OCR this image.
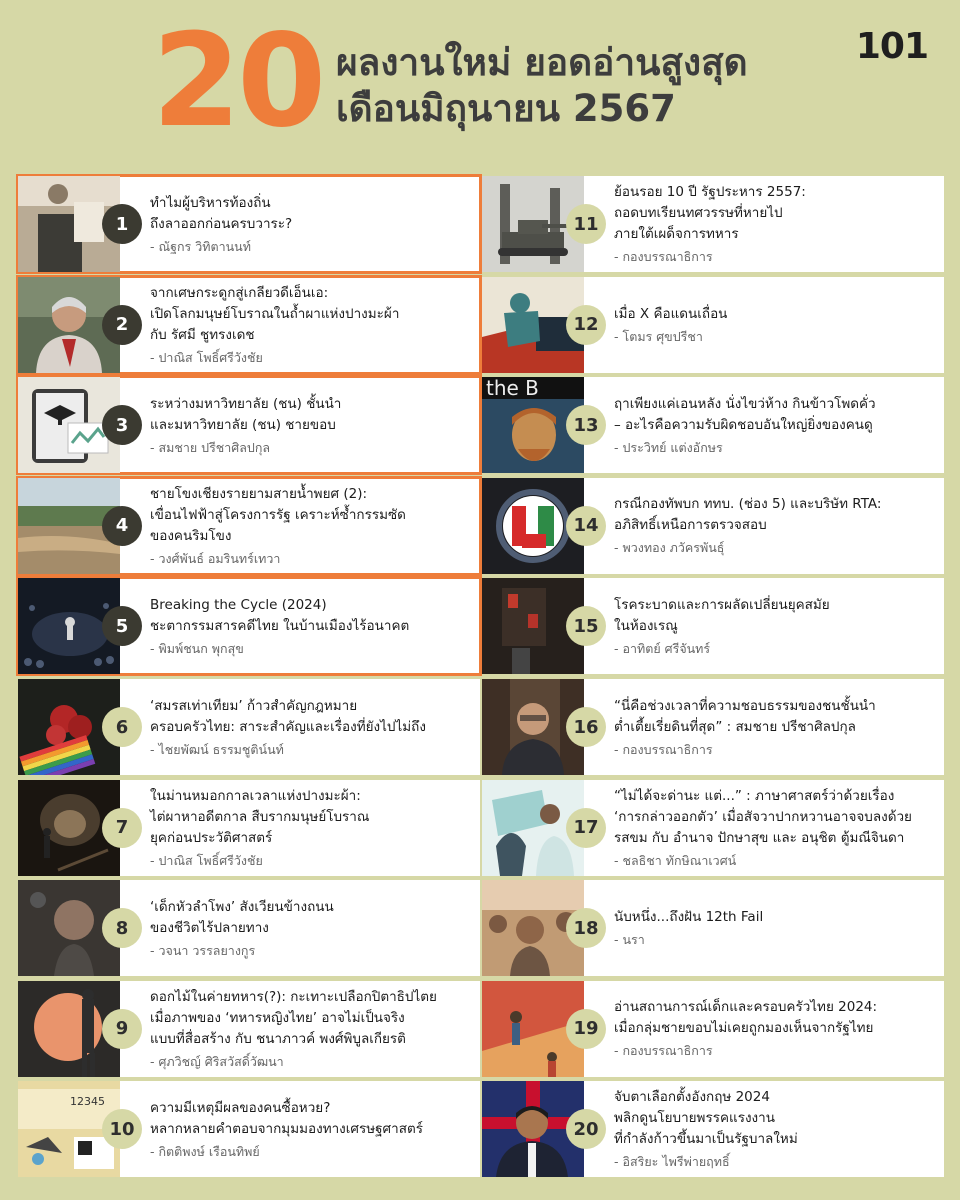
20 ผลงานใหม่ ยอดอ่านสูงสุด
เดือนมิถุนายน 2567
101
1
ทำไมผู้บริหารท้องถิ่น
ถึงลาออกก่อนครบวาระ?
- ณัฐกร วิทิตานนท์
2
จากเศษกระดูกสู่เกลียวดีเอ็นเอ:
เปิดโลกมนุษย์โบราณในถ้ำผาแห่งปางมะผ้า
กับ รัศมี ชูทรงเดช
- ปาณิส โพธิ์ศรีวังชัย
3
ระหว่างมหาวิทยาลัย (ชน) ชั้นนำ
และมหาวิทยาลัย (ชน) ชายขอบ
- สมชาย ปรีชาศิลปกุล
4
ชายโขงเชียงรายยามสายน้ำพยศ (2):
เขื่อนไฟฟ้าสู่โครงการรัฐ เคราะห์ซ้ำกรรมซัด
ของคนริมโขง
- วงศ์พันธ์ อมรินทร์เทวา
5
Breaking the Cycle (2024)
ชะตากรรมสารคดีไทย ในบ้านเมืองไร้อนาคต
- พิมพ์ชนก พุกสุข
6
‘สมรสเท่าเทียม’ ก้าวสำคัญกฎหมาย
ครอบครัวไทย: สาระสำคัญและเรื่องที่ยังไปไม่ถึง
- ไชยพัฒน์ ธรรมชูติน์นท์
7
ในม่านหมอกกาลเวลาแห่งปางมะผ้า:
ไต่ผาหาอดีตกาล สืบรากมนุษย์โบราณ
ยุคก่อนประวัติศาสตร์
- ปาณิส โพธิ์ศรีวังชัย
8
‘เด็กหัวลำโพง’ สังเวียนข้างถนน
ของชีวิตไร้ปลายทาง
- วจนา วรรลยางกูร
9
ดอกไม้ในค่ายทหาร(?): กะเทาะเปลือกปิตาธิปไตย
เมื่อภาพของ ‘ทหารหญิงไทย’ อาจไม่เป็นจริง
แบบที่สื่อสร้าง กับ ชนาภาวค์ พงศ์พิบูลเกียรติ
- ศุภวิชญ์ ศิริสวัสดิ์วัฒนา
12345
10
ความมีเหตุมีผลของคนซื้อหวย?
หลากหลายคำตอบจากมุมมองทางเศรษฐศาสตร์
- กิตติพงษ์ เรือนทิพย์
11
ย้อนรอย 10 ปี รัฐประหาร 2557:
ถอดบทเรียนทศวรรษที่หายไป
ภายใต้เผด็จการทหาร
- กองบรรณาธิการ
12
เมื่อ X คือแดนเถื่อน
- โตมร ศุขปรีชา
the B
13
ฤาเพียงแค่เอนหลัง นั่งไขว่ห้าง กินข้าวโพดคั่ว
– อะไรคือความรับผิดชอบอันใหญ่ยิ่งของคนดู
- ประวิทย์ แต่งอักษร
14
กรณีกองทัพบก ททบ. (ช่อง 5) และบริษัท RTA:
อภิสิทธิ์เหนือการตรวจสอบ
- พวงทอง ภวัครพันธุ์
15
โรคระบาดและการผลัดเปลี่ยนยุคสมัย
ในห้องเรณู
- อาทิตย์ ศรีจันทร์
16
“นี่คือช่วงเวลาที่ความชอบธรรมของชนชั้นนำ
ต่ำเตี้ยเรี่ยดินที่สุด” : สมชาย ปรีชาศิลปกุล
- กองบรรณาธิการ
17
“ไม่ได้จะด่านะ แต่...” : ภาษาศาสตร์ว่าด้วยเรื่อง
‘การกล่าวออกตัว’ เมื่อสัจวาปากหวานอาจจบลงด้วย
รสขม กับ อำนาจ ปักษาสุข และ อนุชิต ตู้มณีจินดา
- ชลธิชา ทักษิณาเวศน์
18
นับหนึ่ง...ถึงฝัน 12th Fail
- นรา
19
อ่านสถานการณ์เด็กและครอบครัวไทย 2024:
เมื่อกลุ่มชายขอบไม่เคยถูกมองเห็นจากรัฐไทย
- กองบรรณาธิการ
20
จับตาเลือกตั้งอังกฤษ 2024
พลิกดูนโยบายพรรคแรงงาน
ที่กำลังก้าวขึ้นมาเป็นรัฐบาลใหม่
- อิสริยะ ไพรีพ่ายฤทธิ์
